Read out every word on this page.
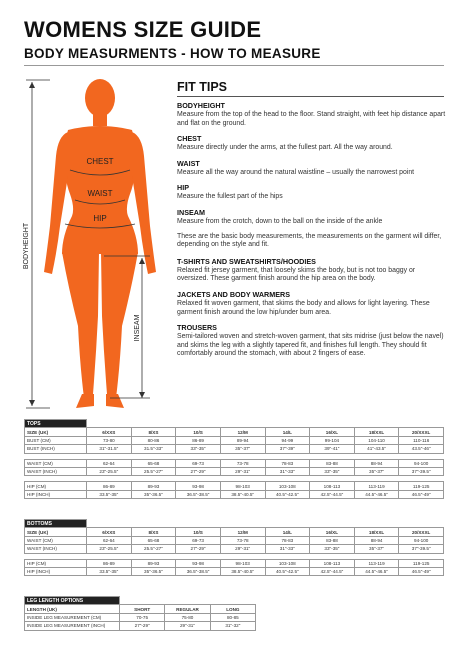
WOMENS SIZE GUIDE
BODY MEASURMENTS - HOW TO MEASURE
CHEST
WAIST
HIP
BODYHEIGHT
INSEAM
FIT TIPS
BODYHEIGHT
Measure from the top of the head to the floor. Stand straight, with feet hip distance apart and flat on the ground.
CHEST
Measure directly under the arms, at the fullest part. All the way around.
WAIST
Measure all the way around the natural waistline – usually the narrowest point
HIP
Measure the fullest part of the hips
INSEAM
Measure from the crotch, down to the ball on the inside of the ankle
These are the basic body measurements, the measurements on the garment will differ, depending on the style and fit.
T-SHIRTS AND SWEATSHIRTS/HOODIES
Relaxed fit jersey garment, that loosely skims the body, but is not too baggy or oversized. These garment finish around the hip area on the body.
JACKETS AND BODY WARMERS
Relaxed fit woven garment, that skims the body and allows for light layering. These garment finish around the low hip/under bum area.
TROUSERS
Semi-tailored woven and stretch-woven garment, that sits midrise (just below the navel) and skims the leg with a slightly tapered fit, and finishes full length. They should fit comfortably around the stomach, with about 2 fingers of ease.
TOPS								
SIZE (UK)	6/XXS	8/XS	10/S	12/M	14/L	16/XL	18/XXL	20/XXXL
BUST (CM)	73-80	80-86	86-89	89-94	94-99	99-104	104-110	110-116
BUST (INCH)	31"-31.5"	31.5"-33"	33"-35"	35"-37"	37"-39"	39"-41"	41"-43.5"	43.5"-46"

WAIST (CM)	62-64	65-68	69-73	73-78	78-83	83-88	88-94	94-100
WAIST (INCH)	23"-25.5"	25.5"-27"	27"-29"	29"-31"	31"-33"	33"-35"	35"-37"	37"-39.5"

HIP (CM)	86-89	89-93	93-98	98-103	103-108	108-113	113-119	119-125
HIP (INCH)	33.5"-35"	35"-36.5"	36.5"-38.5"	38.5"-40.5"	40.5"-42.5"	42.5"-44.5"	44.5"-46.5"	46.5"-49"
BOTTOMS								
SIZE (UK)	6/XXS	8/XS	10/S	12/M	14/L	16/XL	18/XXL	20/XXXL
WAIST (CM)	62-64	65-68	69-73	73-78	78-83	83-88	88-94	94-100
WAIST (INCH)	23"-25.5"	25.5"-27"	27"-29"	29"-31"	31"-33"	33"-35"	35"-37"	37"-39.5"

HIP (CM)	86-89	89-93	93-98	98-103	103-108	108-113	113-119	119-125
HIP (INCH)	33.5"-35"	35"-36.5"	36.5"-38.5"	38.5"-40.5"	40.5"-42.5"	42.5"-44.5"	44.5"-46.5"	46.5"-49"
LEG LENGTH OPTIONS			
LENGTH (UK)	SHORT	REGULAR	LONG
INSIDE LEG MEASUREMENT (CM)	70-75	75-80	80-85
INSIDE LEG MEASUREMENT (INCH)	27"-29"	29"-31"	31"-32"
